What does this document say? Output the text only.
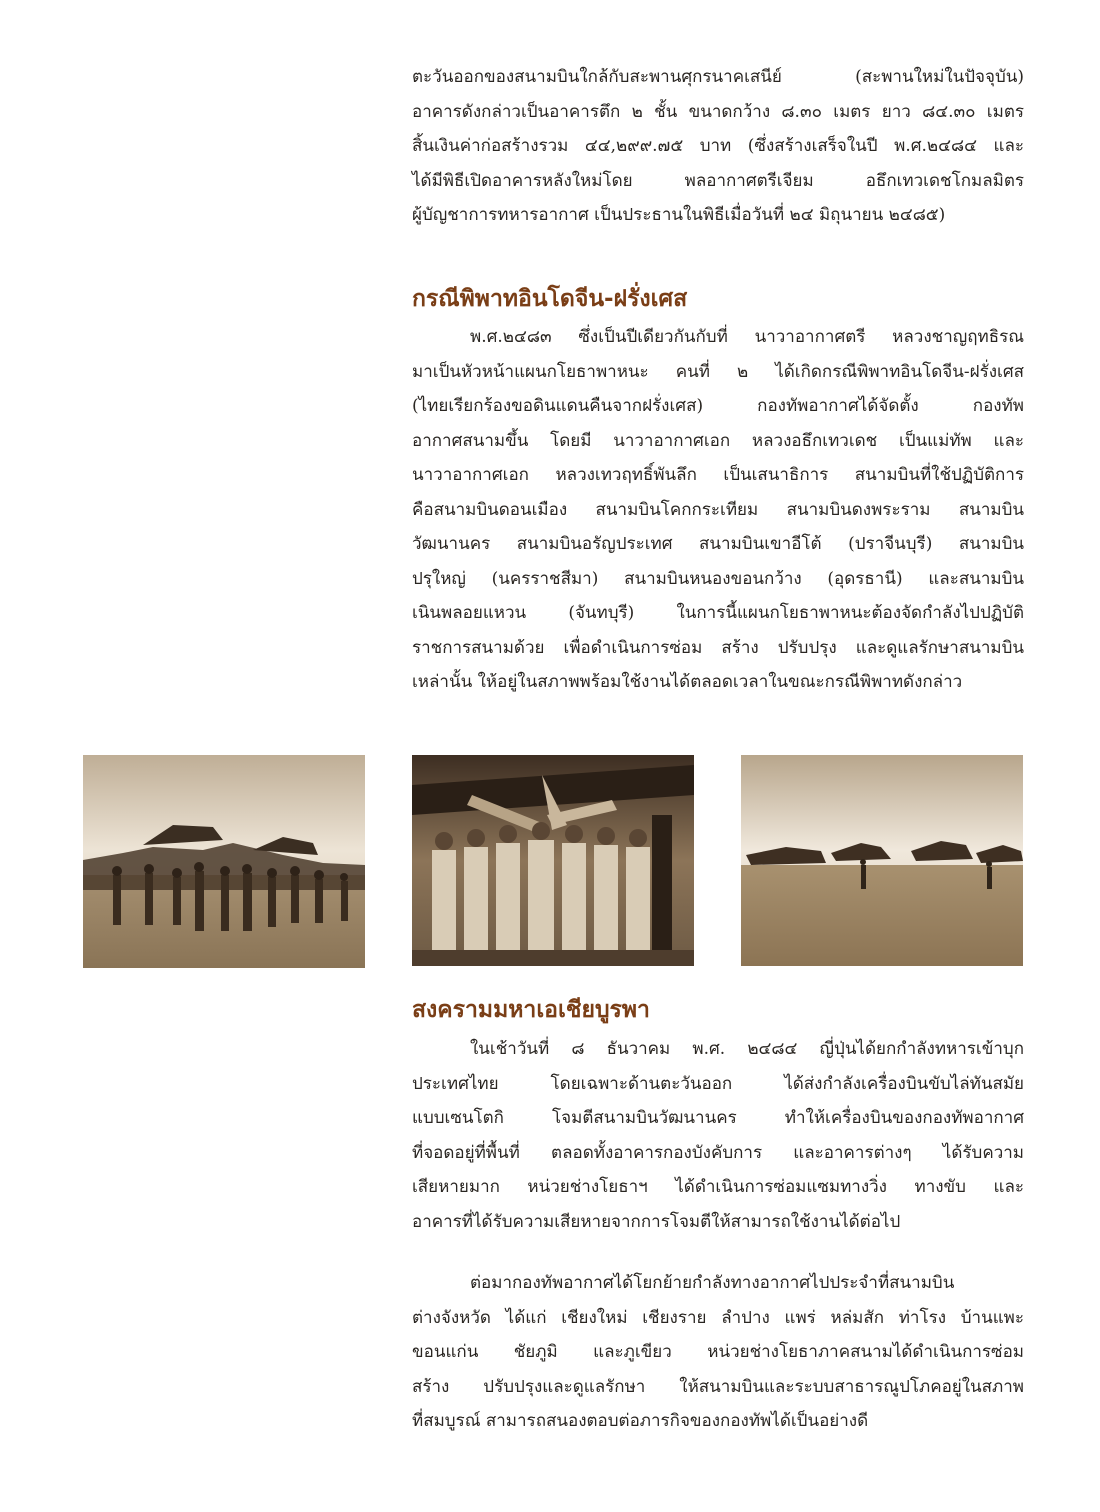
ตะวันออกของสนามบินใกล้กับสะพานศุกรนาคเสนีย์ (สะพานใหม่ในปัจจุบัน)
อาคารดังกล่าวเป็นอาคารตึก ๒ ชั้น ขนาดกว้าง ๘.๓๐ เมตร ยาว ๘๔.๓๐ เมตร
สิ้นเงินค่าก่อสร้างรวม ๔๔,๒๙๙.๗๕ บาท (ซึ่งสร้างเสร็จในปี พ.ศ.๒๔๘๔ และ
ได้มีพิธีเปิดอาคารหลังใหม่โดย พลอากาศตรีเจียม อธึกเทวเดชโกมลมิตร
ผู้บัญชาการทหารอากาศ เป็นประธานในพิธีเมื่อวันที่ ๒๔ มิถุนายน ๒๔๘๕)
กรณีพิพาทอินโดจีน-ฝรั่งเศส
พ.ศ.๒๔๘๓ ซึ่งเป็นปีเดียวกันกับที่ นาวาอากาศตรี หลวงชาญฤทธิรณ
มาเป็นหัวหน้าแผนกโยธาพาหนะ คนที่ ๒ ได้เกิดกรณีพิพาทอินโดจีน-ฝรั่งเศส
(ไทยเรียกร้องขอดินแดนคืนจากฝรั่งเศส) กองทัพอากาศได้จัดตั้ง กองทัพ
อากาศสนามขึ้น โดยมี นาวาอากาศเอก หลวงอธึกเทวเดช เป็นแม่ทัพ และ
นาวาอากาศเอก หลวงเทวฤทธิ์พันลึก เป็นเสนาธิการ สนามบินที่ใช้ปฏิบัติการ
คือสนามบินดอนเมือง สนามบินโคกกระเทียม สนามบินดงพระราม สนามบิน
วัฒนานคร สนามบินอรัญประเทศ สนามบินเขาอีโต้ (ปราจีนบุรี) สนามบิน
ปรุใหญ่ (นครราชสีมา) สนามบินหนองขอนกว้าง (อุดรธานี) และสนามบิน
เนินพลอยแหวน (จันทบุรี) ในการนี้แผนกโยธาพาหนะต้องจัดกำลังไปปฏิบัติ
ราชการสนามด้วย เพื่อดำเนินการซ่อม สร้าง ปรับปรุง และดูแลรักษาสนามบิน
เหล่านั้น ให้อยู่ในสภาพพร้อมใช้งานได้ตลอดเวลาในขณะกรณีพิพาทดังกล่าว
สงครามมหาเอเชียบูรพา
ในเช้าวันที่ ๘ ธันวาคม พ.ศ. ๒๔๘๔ ญี่ปุ่นได้ยกกำลังทหารเข้าบุก
ประเทศไทย โดยเฉพาะด้านตะวันออก ได้ส่งกำลังเครื่องบินขับไล่ทันสมัย
แบบเซนโตกิ โจมตีสนามบินวัฒนานคร ทำให้เครื่องบินของกองทัพอากาศ
ที่จอดอยู่ที่พื้นที่ ตลอดทั้งอาคารกองบังคับการ และอาคารต่างๆ ได้รับความ
เสียหายมาก หน่วยช่างโยธาฯ ได้ดำเนินการซ่อมแซมทางวิ่ง ทางขับ และ
อาคารที่ได้รับความเสียหายจากการโจมตีให้สามารถใช้งานได้ต่อไป
ต่อมากองทัพอากาศได้โยกย้ายกำลังทางอากาศไปประจำที่สนามบิน
ต่างจังหวัด ได้แก่ เชียงใหม่ เชียงราย ลำปาง แพร่ หล่มสัก ท่าโรง บ้านแพะ
ขอนแก่น ชัยภูมิ และภูเขียว หน่วยช่างโยธาภาคสนามได้ดำเนินการซ่อม
สร้าง ปรับปรุงและดูแลรักษา ให้สนามบินและระบบสาธารณูปโภคอยู่ในสภาพ
ที่สมบูรณ์ สามารถสนองตอบต่อภารกิจของกองทัพได้เป็นอย่างดี
